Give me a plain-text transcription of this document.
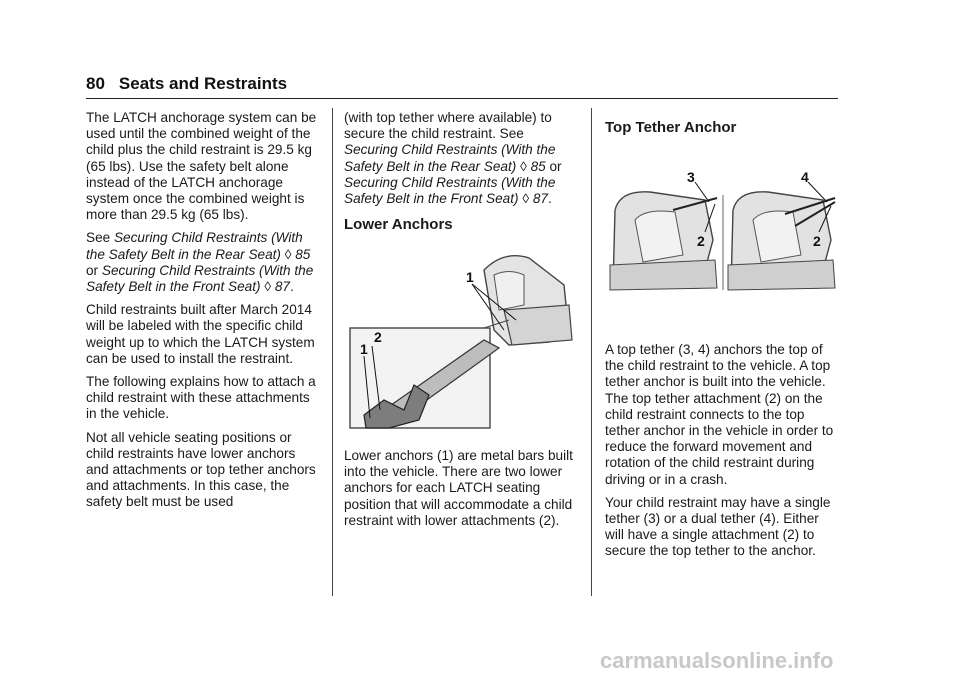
80 Seats and Restraints

The LATCH anchorage system can be used until the combined weight of the child plus the child restraint is 29.5 kg (65 lbs). Use the safety belt alone instead of the LATCH anchorage system once the combined weight is more than 29.5 kg (65 lbs).

See Securing Child Restraints (With the Safety Belt in the Rear Seat) ◊ 85 or Securing Child Restraints (With the Safety Belt in the Front Seat) ◊ 87.

Child restraints built after March 2014 will be labeled with the specific child weight up to which the LATCH system can be used to install the restraint.

The following explains how to attach a child restraint with these attachments in the vehicle.

Not all vehicle seating positions or child restraints have lower anchors and attachments or top tether anchors and attachments. In this case, the safety belt must be used

(with top tether where available) to secure the child restraint. See Securing Child Restraints (With the Safety Belt in the Rear Seat) ◊ 85 or Securing Child Restraints (With the Safety Belt in the Front Seat) ◊ 87.

Lower Anchors
1
2
1

Lower anchors (1) are metal bars built into the vehicle. There are two lower anchors for each LATCH seating position that will accommodate a child restraint with lower attachments (2).

Top Tether Anchor
3	4
2	2

A top tether (3, 4) anchors the top of the child restraint to the vehicle. A top tether anchor is built into the vehicle. The top tether attachment (2) on the child restraint connects to the top tether anchor in the vehicle in order to reduce the forward movement and rotation of the child restraint during driving or in a crash.

Your child restraint may have a single tether (3) or a dual tether (4). Either will have a single attachment (2) to secure the top tether to the anchor.

carmanualsonline.info
